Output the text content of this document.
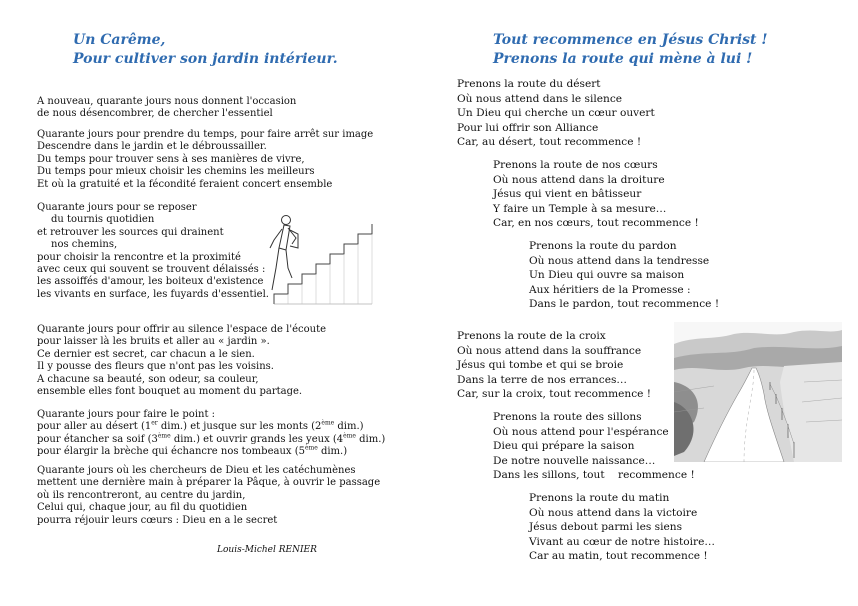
Un Carême,
Pour cultiver son jardin intérieur.

A nouveau, quarante jours nous donnent l'occasion
de nous désencombrer, de chercher l'essentiel

Quarante jours pour prendre du temps, pour faire arrêt sur image
Descendre dans le jardin et le débroussailler.
Du temps pour trouver sens à ses manières de vivre,
Du temps pour mieux choisir les chemins les meilleurs
Et où la gratuité et la fécondité feraient concert ensemble

Quarante jours pour se reposer
du tournis quotidien
et retrouver les sources qui drainent
nos chemins,
pour choisir la rencontre et la proximité
avec ceux qui souvent se trouvent délaissés :
les assoiffés d'amour, les boiteux d'existence
les vivants en surface, les fuyards d'essentiel.

Quarante jours pour offrir au silence l'espace de l'écoute
pour laisser là les bruits et aller au « jardin ».
Ce dernier est secret, car chacun a le sien.
Il y pousse des fleurs que n'ont pas les voisins.
A chacune sa beauté, son odeur, sa couleur,
ensemble elles font bouquet au moment du partage.

Quarante jours pour faire le point :
pour aller au désert (1er dim.) et jusque sur les monts (2ème dim.)
pour étancher sa soif (3ème dim.) et ouvrir grands les yeux (4ème dim.)
pour élargir la brèche qui échancre nos tombeaux (5ème dim.)

Quarante jours où les chercheurs de Dieu et les catéchumènes
mettent une dernière main à préparer la Pâque, à ouvrir le passage
où ils rencontreront, au centre du jardin,
Celui qui, chaque jour, au fil du quotidien
pourra réjouir leurs cœurs : Dieu en a le secret

Louis-Michel RENIER

Tout recommence en Jésus Christ !
Prenons la route qui mène à lui !

Prenons la route du désert
Où nous attend dans le silence
Un Dieu qui cherche un cœur ouvert
Pour lui offrir son Alliance
Car, au désert, tout recommence !

Prenons la route de nos cœurs
Où nous attend dans la droiture
Jésus qui vient en bâtisseur
Y faire un Temple à sa mesure…
Car, en nos cœurs, tout recommence !

Prenons la route du pardon
Où nous attend dans la tendresse
Un Dieu qui ouvre sa maison
Aux héritiers de la Promesse :
Dans le pardon, tout recommence !

Prenons la route de la croix
Où nous attend dans la souffrance
Jésus qui tombe et qui se broie
Dans la terre de nos errances…
Car, sur la croix, tout recommence !

Prenons la route des sillons
Où nous attend pour l'espérance
Dieu qui prépare la saison
De notre nouvelle naissance…
Dans les sillons, tout    recommence !

Prenons la route du matin
Où nous attend dans la victoire
Jésus debout parmi les siens
Vivant au cœur de notre histoire…
Car au matin, tout recommence !
